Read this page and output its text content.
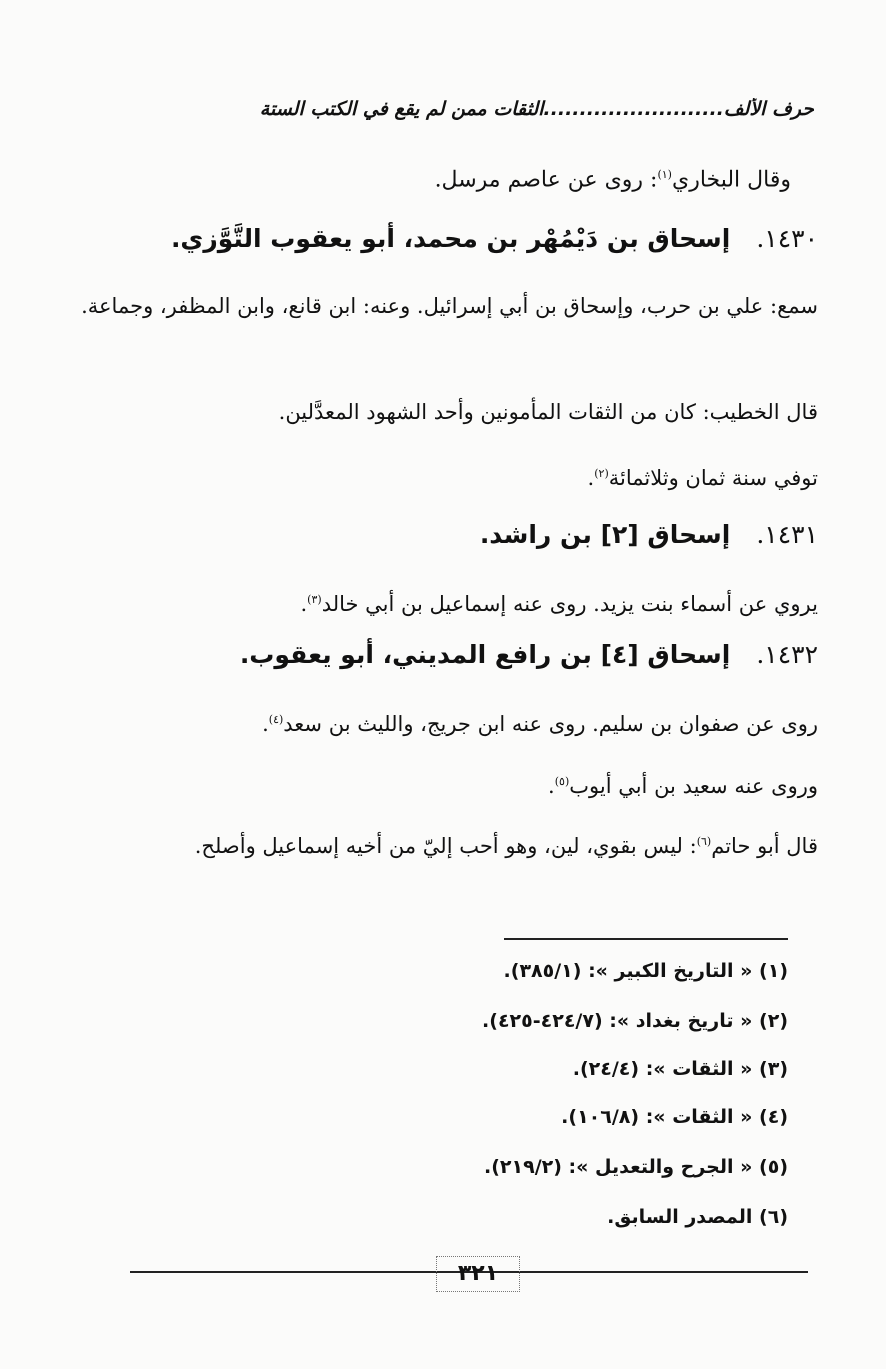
حرف الألف.........................الثقات ممن لم يقع في الكتب الستة
وقال البخاري$^{(١)}$: روى عن عاصم مرسل.
١٤٣٠.إسحاق بن دَيْمُهْر بن محمد، أبو يعقوب التَّوَّزي.
سمع: علي بن حرب، وإسحاق بن أبي إسرائيل. وعنه: ابن قانع، وابن المظفر، وجماعة.
قال الخطيب: كان من الثقات المأمونين وأحد الشهود المعدَّلين.
توفي سنة ثمان وثلاثمائة$^{(٢)}$.
١٤٣١.إسحاق [٢] بن راشد.
يروي عن أسماء بنت يزيد. روى عنه إسماعيل بن أبي خالد$^{(٣)}$.
١٤٣٢.إسحاق [٤] بن رافع المديني، أبو يعقوب.
روى عن صفوان بن سليم. روى عنه ابن جريج، والليث بن سعد$^{(٤)}$.
وروى عنه سعيد بن أبي أيوب$^{(٥)}$.
قال أبو حاتم$^{(٦)}$: ليس بقوي، لين، وهو أحب إليّ من أخيه إسماعيل وأصلح.
(١) « التاريخ الكبير »: (٣٨٥/١).
(٢) « تاريخ بغداد »: (٤٢٤/٧-٤٢٥).
(٣) « الثقات »: (٢٤/٤).
(٤) « الثقات »: (١٠٦/٨).
(٥) « الجرح والتعديل »: (٢١٩/٢).
(٦) المصدر السابق.
٣٢١
